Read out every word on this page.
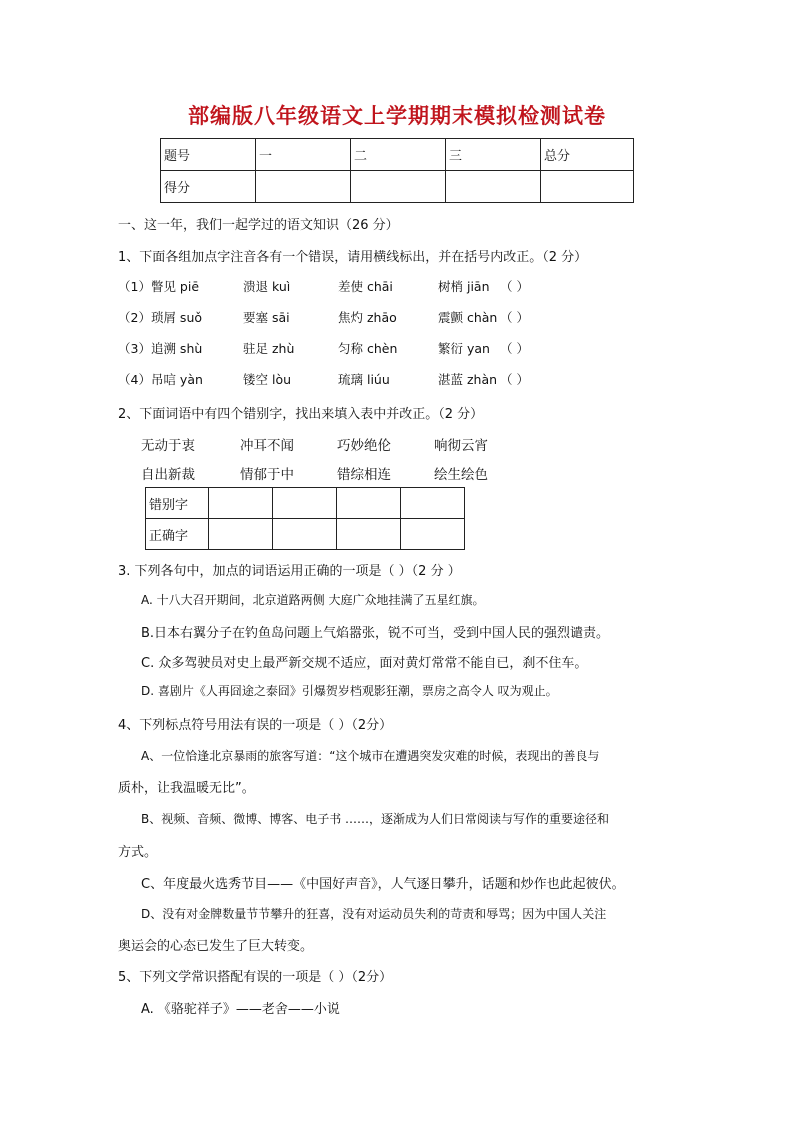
部编版八年级语文上学期期末模拟检测试卷
题号	一	二	三	总分
得分				
一、这一年，我们一起学过的语文知识（26 分）
1、下面各组加点字注音各有一个错误，请用横线标出，并在括号内改正。（2 分）
（1）瞥见 piē	溃退 kuì	差使 chāi	树梢 jiān （ ）
（2）琐屑 suǒ	要塞 sāi	焦灼 zhāo	震颤 chàn （ ）
（3）追溯 shù	驻足 zhù	匀称 chèn	繁衍 yan （ ）
（4）吊唁 yàn	镂空 lòu	琉璃 liúu	湛蓝 zhàn （ ）
2、下面词语中有四个错别字，找出来填入表中并改正。（2 分）
无动于衷	冲耳不闻	巧妙绝伦	响彻云宵
自出新裁	情郁于中	错综相连	绘生绘色
错别字				
正确字				
3. 下列各句中，加点的词语运用正确的一项是（ ）（2 分 ）
A. 十八大召开期间，北京道路两侧 大庭广众地挂满了五星红旗。
B.日本右翼分子在钓鱼岛问题上气焰嚣张，锐不可当，受到中国人民的强烈谴责。
C. 众多驾驶员对史上最严新交规不适应，面对黄灯常常不能自已，刹不住车。
D. 喜剧片《人再囧途之泰囧》引爆贺岁档观影狂潮，票房之高令人 叹为观止。
4、下列标点符号用法有误的一项是（ ）（2分）
A、一位恰逢北京暴雨的旅客写道：“这个城市在遭遇突发灾难的时候，表现出的善良与
质朴，让我温暖无比”。
B、视频、音频、微博、博客、电子书 ……，逐渐成为人们日常阅读与写作的重要途径和
方式。
C、年度最火选秀节目——《中国好声音》，人气逐日攀升，话题和炒作也此起彼伏。
D、没有对金牌数量节节攀升的狂喜，没有对运动员失利的苛责和辱骂；因为中国人关注
奥运会的心态已发生了巨大转变。
5、下列文学常识搭配有误的一项是（ ）（2分）
A. 《骆驼祥子》——老舍——小说
